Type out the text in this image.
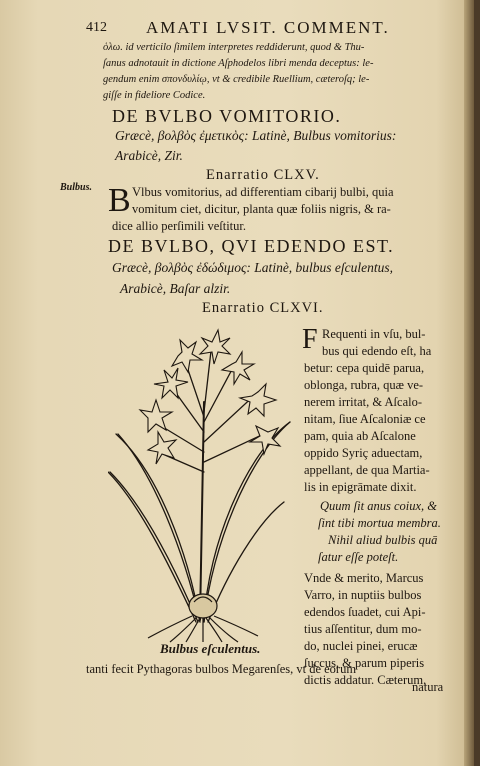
412 AMATI LVSIT. COMMENT.
ὁλω. id verticilo ſimilem interpretes reddiderunt, quod & Thu-
ſanus adnotauit in dictione Aſphodelos libri menda deceptus: le-
gendum enim σπονδυλίῳ, vt & credibile Ruellium, cæteroſq; le-
giſſe in fideliore Codice.
DE BVLBO VOMITORIO.
Græcè, βολβὸς ἐμετικὸς: Latinè, Bulbus vomitorius:
Arabicè, Zir.
Enarratio CLXV.
Bulbus. B Vlbus vomitorius, ad differentiam cibarij bulbi, quia
vomitum ciet, dicitur, planta quæ foliis nigris, & ra-
dice allio perſimili veſtitur.
DE BVLBO, QVI EDENDO EST.
Græcè, βολβὸς ἐδώδιμος: Latinè, bulbus eſculentus,
Arabicè, Baſar alzir.
Enarratio CLXVI.
F Requenti in vſu, bul-
bus qui edendo eſt, ha
betur: cepa quidē parua,
oblonga, rubra, quæ ve-
nerem irritat, & Aſcalo-
nitam, ſiue Aſcaloniæ ce
pam, quia ab Aſcalone
oppido Syriç aduectam,
appellant, de qua Martia-
lis in epigrāmate dixit.
Quum ſit anus coiux, &
ſint tibi mortua membra.
Nihil aliud bulbis quā
ſatur eſſe poteſt.
Vnde & merito, Marcus
Varro, in nuptiis bulbos
edendos ſuadet, cui Api-
tius aſſentitur, dum mo-
do, nuclei pinei, erucæ
ſuccus, & parum piperis
dictis addatur. Cæterum,
Bulbus eſculentus.
tanti fecit Pythagoras bulbos Megarenſes, vt de eorum
natura
